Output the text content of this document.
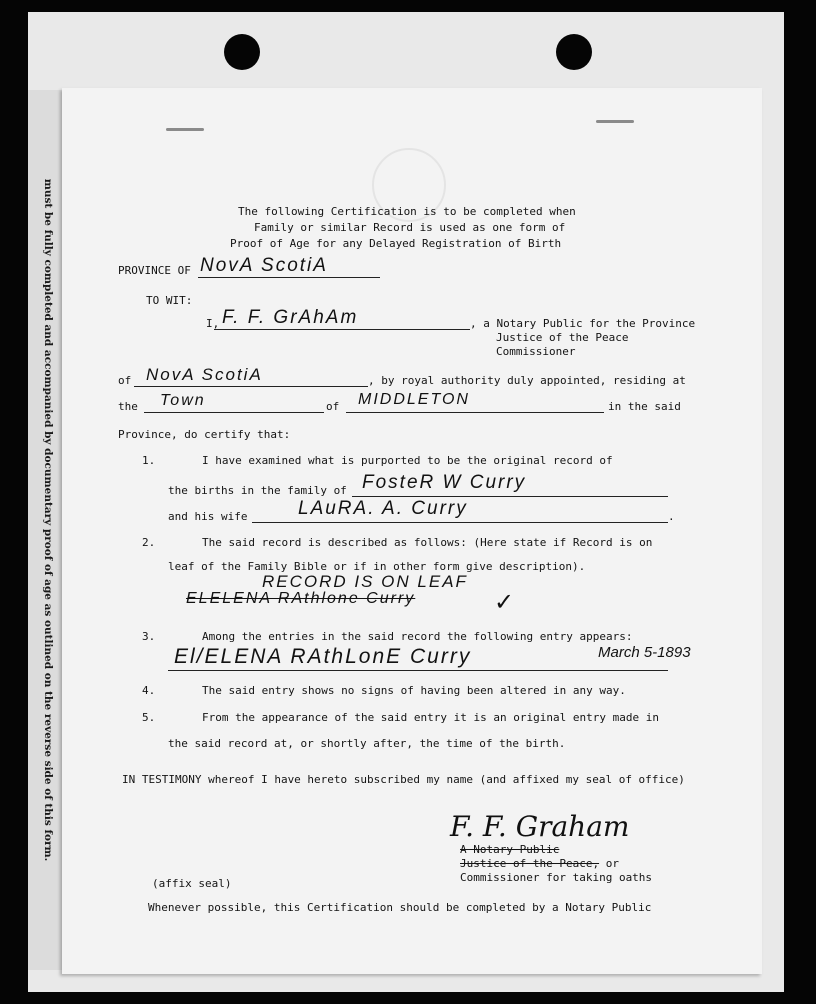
must be fully completed and accompanied by documentary proof of age as outlined on the reverse side of this form.	The following Certification is to be completed when
Family or similar Record is used as one form of
Proof of Age for any Delayed Registration of Birth
PROVINCE OF NovA ScotiA
TO WIT:
I, F. F. GrAhAm	, a Notary Public for the Province
Justice of the Peace
Commissioner
of NovA ScotiA	, by royal authority duly appointed, residing at
the Town	of MIDDLETON	in the said
Province, do certify that:
1.	I have examined what is purported to be the original record of
the births in the family of FosteR W Curry
and his wife	LAuRA. A. Curry	.
2.	The said record is described as follows: (Here state if Record is on
leaf of the Family Bible or if in other form give description).
RECORD IS ON LEAF
ELELENA RAthlone Curry	✓
3.	Among the entries in the said record the following entry appears:
El/ELENA RAthLonE Curry	March 5-1893
4.	The said entry shows no signs of having been altered in any way.
5.	From the appearance of the said entry it is an original entry made in
the said record at, or shortly after, the time of the birth.
IN TESTIMONY whereof I have hereto subscribed my name (and affixed my seal of office)
F. F. Graham
A Notary Public
Justice of the Peace, or
Commissioner for taking oaths
(affix seal)
Whenever possible, this Certification should be completed by a Notary Public
